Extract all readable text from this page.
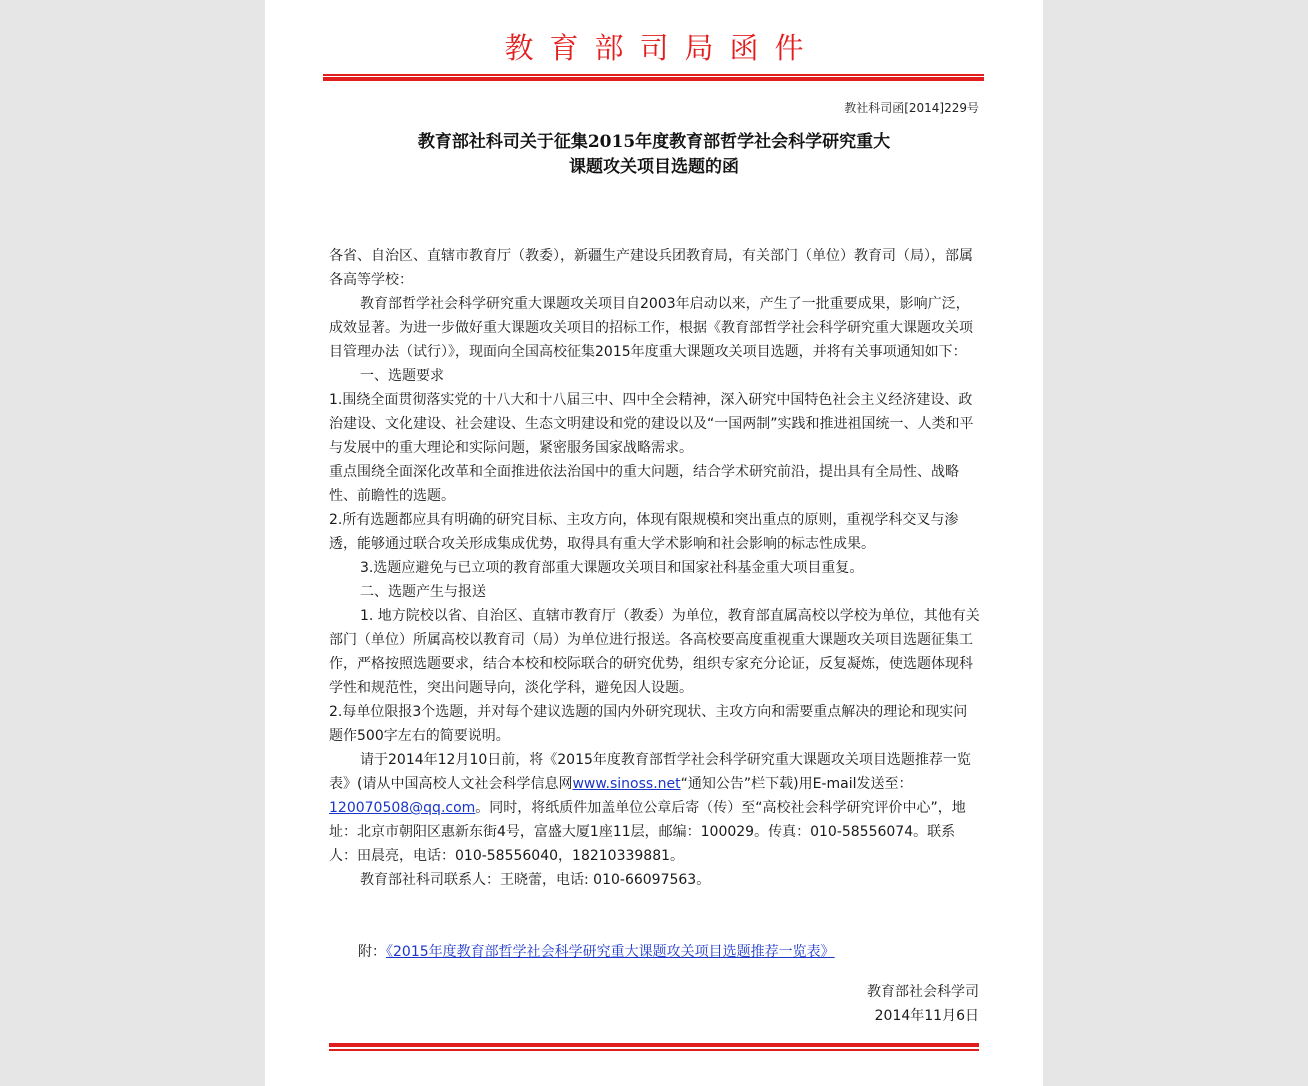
教育部司局函件
教社科司函[2014]229号
教育部社科司关于征集2015年度教育部哲学社会科学研究重大
课题攻关项目选题的函

各省、自治区、直辖市教育厅（教委），新疆生产建设兵团教育局，有关部门（单位）教育司（局），部属各高等学校：

教育部哲学社会科学研究重大课题攻关项目自2003年启动以来，产生了一批重要成果，影响广泛，成效显著。为进一步做好重大课题攻关项目的招标工作，根据《教育部哲学社会科学研究重大课题攻关项目管理办法（试行）》，现面向全国高校征集2015年度重大课题攻关项目选题，并将有关事项通知如下：

一、选题要求

1.围绕全面贯彻落实党的十八大和十八届三中、四中全会精神，深入研究中国特色社会主义经济建设、政治建设、文化建设、社会建设、生态文明建设和党的建设以及“一国两制”实践和推进祖国统一、人类和平与发展中的重大理论和实际问题，紧密服务国家战略需求。

重点围绕全面深化改革和全面推进依法治国中的重大问题，结合学术研究前沿，提出具有全局性、战略性、前瞻性的选题。

2.所有选题都应具有明确的研究目标、主攻方向，体现有限规模和突出重点的原则，重视学科交叉与渗透，能够通过联合攻关形成集成优势，取得具有重大学术影响和社会影响的标志性成果。

3.选题应避免与已立项的教育部重大课题攻关项目和国家社科基金重大项目重复。

二、选题产生与报送

1. 地方院校以省、自治区、直辖市教育厅（教委）为单位，教育部直属高校以学校为单位，其他有关部门（单位）所属高校以教育司（局）为单位进行报送。各高校要高度重视重大课题攻关项目选题征集工作，严格按照选题要求，结合本校和校际联合的研究优势，组织专家充分论证，反复凝炼，使选题体现科学性和规范性，突出问题导向，淡化学科，避免因人设题。

2.每单位限报3个选题，并对每个建议选题的国内外研究现状、主攻方向和需要重点解决的理论和现实问题作500字左右的简要说明。

请于2014年12月10日前，将《2015年度教育部哲学社会科学研究重大课题攻关项目选题推荐一览表》(请从中国高校人文社会科学信息网www.sinoss.net“通知公告”栏下载)用E-mail发送至：12007050​8@qq.com。同时，将纸质件加盖单位公章后寄（传）至“高校社会科学研究评价中心”，地址：北京市朝阳区惠新东街4号，富盛大厦1座11层，邮编：100029。传真：010-58556074。联系人：田晨亮，电话：010-58556040，18210339881。

教育部社科司联系人：王晓蕾，电话: 010-66097563。

附：《2015年度教育部哲学社会科学研究重大课题攻关项目选题推荐一览表》
教育部社会科学司
2014年11月6日
